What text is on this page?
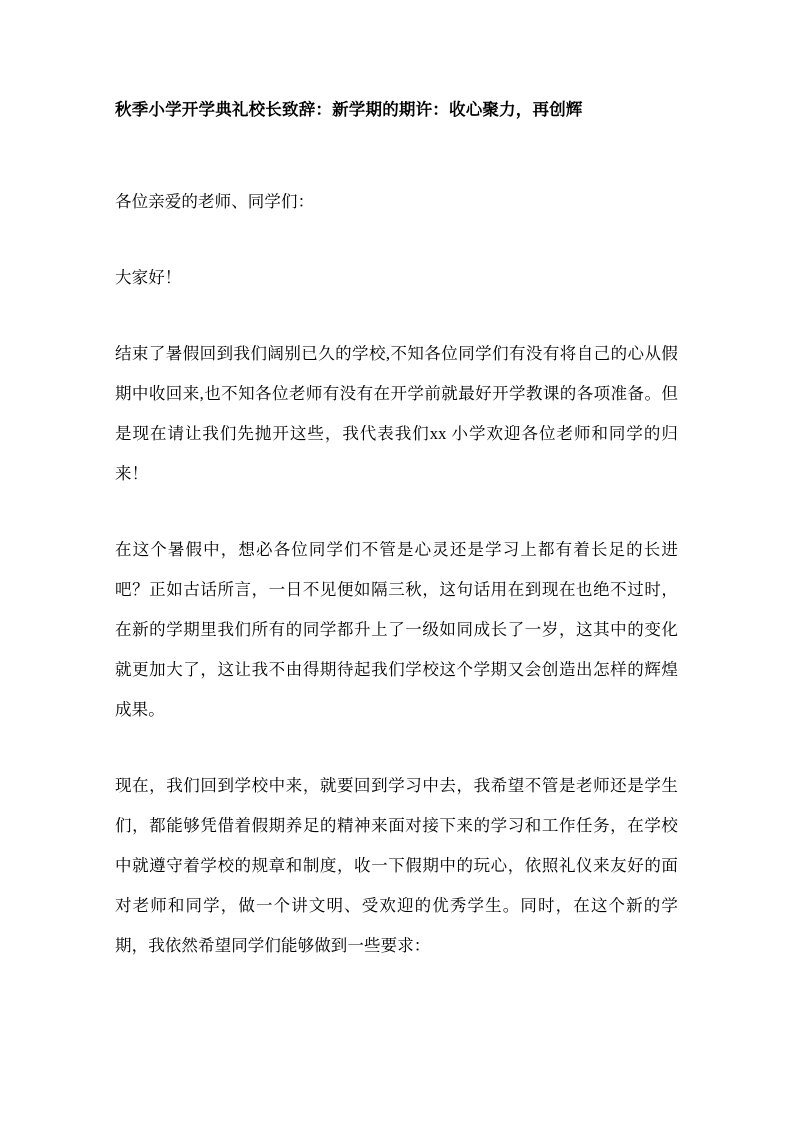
秋季小学开学典礼校长致辞：新学期的期许：收心聚力，再创辉

各位亲爱的老师、同学们：

大家好！

结束了暑假回到我们阔别已久的学校,不知各位同学们有没有将自己的心从假期中收回来,也不知各位老师有没有在开学前就最好开学教课的各项准备。但是现在请让我们先抛开这些，我代表我们xx 小学欢迎各位老师和同学的归来！

在这个暑假中，想必各位同学们不管是心灵还是学习上都有着长足的长进吧？正如古话所言，一日不见便如隔三秋，这句话用在到现在也绝不过时，在新的学期里我们所有的同学都升上了一级如同成长了一岁，这其中的变化就更加大了，这让我不由得期待起我们学校这个学期又会创造出怎样的辉煌成果。

现在，我们回到学校中来，就要回到学习中去，我希望不管是老师还是学生们，都能够凭借着假期养足的精神来面对接下来的学习和工作任务，在学校中就遵守着学校的规章和制度，收一下假期中的玩心，依照礼仪来友好的面对老师和同学，做一个讲文明、受欢迎的优秀学生。同时，在这个新的学期，我依然希望同学们能够做到一些要求：
